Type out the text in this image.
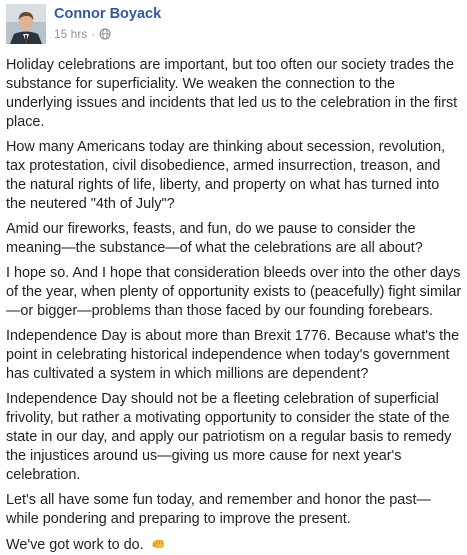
Connor Boyack
15 hrs ·

Holiday celebrations are important, but too often our society trades the substance for superficiality. We weaken the connection to the underlying issues and incidents that led us to the celebration in the first place.

How many Americans today are thinking about secession, revolution, tax protestation, civil disobedience, armed insurrection, treason, and the natural rights of life, liberty, and property on what has turned into the neutered "4th of July"?

Amid our fireworks, feasts, and fun, do we pause to consider the meaning—the substance—of what the celebrations are all about?

I hope so. And I hope that consideration bleeds over into the other days of the year, when plenty of opportunity exists to (peacefully) fight similar—or bigger—problems than those faced by our founding forebears.

Independence Day is about more than Brexit 1776. Because what's the point in celebrating historical independence when today's government has cultivated a system in which millions are dependent?

Independence Day should not be a fleeting celebration of superficial frivolity, but rather a motivating opportunity to consider the state of the state in our day, and apply our patriotism on a regular basis to remedy the injustices around us—giving us more cause for next year's celebration.

Let's all have some fun today, and remember and honor the past—while pondering and preparing to improve the present.

We've got work to do.
